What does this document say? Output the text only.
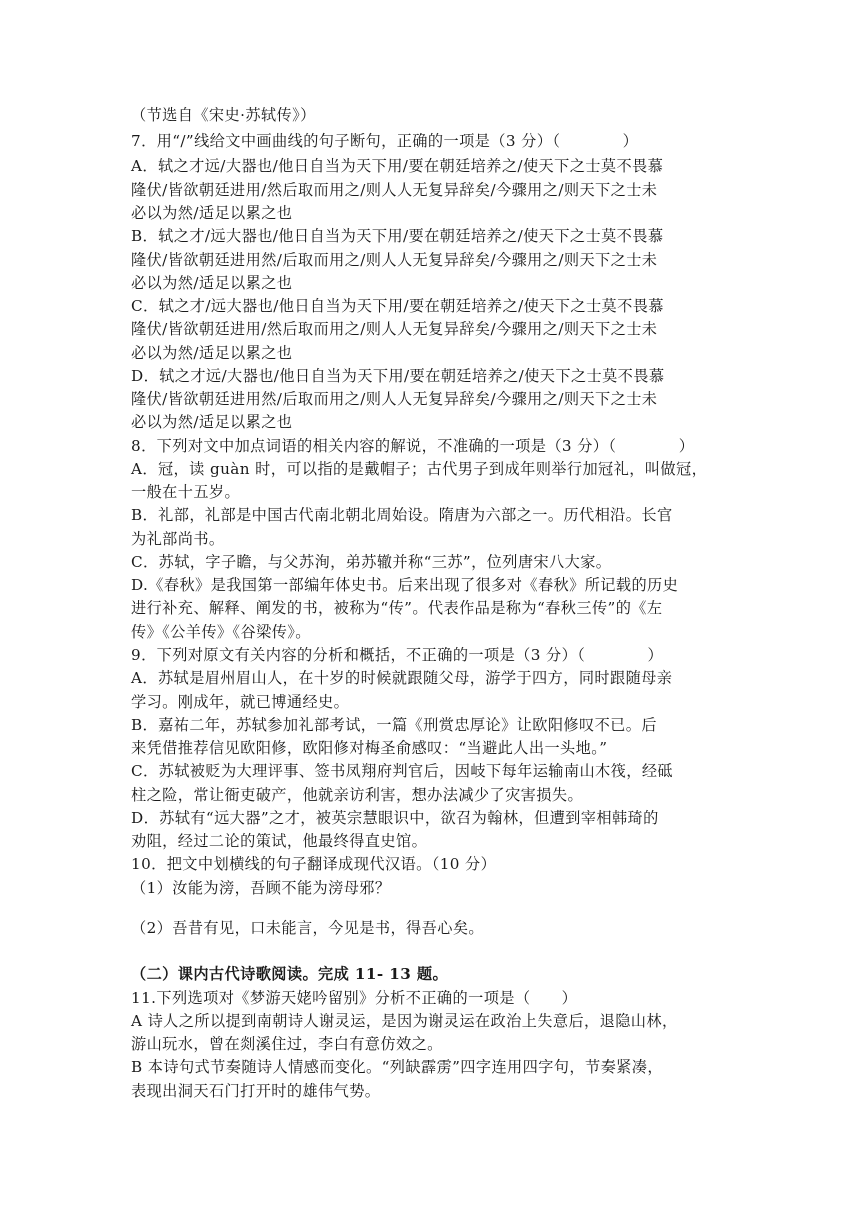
（节选自《宋史·苏轼传》）
7．用“/”线给文中画曲线的句子断句，正确的一项是（3 分）（　　　　）
A．轼之才远/大器也/他日自当为天下用/要在朝廷培养之/使天下之士莫不畏慕
隆伏/皆欲朝廷进用/然后取而用之/则人人无复异辞矣/今骤用之/则天下之士未
必以为然/适足以累之也
B．轼之才/远大器也/他日自当为天下用/要在朝廷培养之/使天下之士莫不畏慕
隆伏/皆欲朝廷进用然/后取而用之/则人人无复异辞矣/今骤用之/则天下之士未
必以为然/适足以累之也
C．轼之才/远大器也/他日自当为天下用/要在朝廷培养之/使天下之士莫不畏慕
隆伏/皆欲朝廷进用/然后取而用之/则人人无复异辞矣/今骤用之/则天下之士未
必以为然/适足以累之也
D．轼之才远/大器也/他日自当为天下用/要在朝廷培养之/使天下之士莫不畏慕
隆伏/皆欲朝廷进用然/后取而用之/则人人无复异辞矣/今骤用之/则天下之士未
必以为然/适足以累之也
8．下列对文中加点词语的相关内容的解说，不准确的一项是（3 分）（　　　　）
A．冠，读 guàn 时，可以指的是戴帽子；古代男子到成年则举行加冠礼，叫做冠，
一般在十五岁。
B．礼部，礼部是中国古代南北朝北周始设。隋唐为六部之一。历代相沿。长官
为礼部尚书。
C．苏轼，字子瞻，与父苏洵，弟苏辙并称“三苏”，位列唐宋八大家。
D.《春秋》是我国第一部编年体史书。后来出现了很多对《春秋》所记载的历史
进行补充、解释、阐发的书，被称为“传”。代表作品是称为“春秋三传”的《左
传》《公羊传》《谷梁传》。
9．下列对原文有关内容的分析和概括，不正确的一项是（3 分）（　　　　）
A．苏轼是眉州眉山人，在十岁的时候就跟随父母，游学于四方，同时跟随母亲
学习。刚成年，就已博通经史。
B．嘉祐二年，苏轼参加礼部考试，一篇《刑赏忠厚论》让欧阳修叹不已。后
来凭借推荐信见欧阳修，欧阳修对梅圣俞感叹：“当避此人出一头地。”
C．苏轼被贬为大理评事、签书凤翔府判官后，因岐下每年运输南山木筏，经砥
柱之险，常让衙吏破产，他就亲访利害，想办法减少了灾害损失。
D．苏轼有“远大器”之才，被英宗慧眼识中，欲召为翰林，但遭到宰相韩琦的
劝阻，经过二论的策试，他最终得直史馆。
10．把文中划横线的句子翻译成现代汉语。（10 分）
（1）汝能为滂，吾顾不能为滂母邪？
（2）吾昔有见，口未能言，今见是书，得吾心矣。
（二）课内古代诗歌阅读。完成 11- 13 题。
11.下列选项对《梦游天姥吟留别》分析不正确的一项是（　　）
A 诗人之所以提到南朝诗人谢灵运，是因为谢灵运在政治上失意后，退隐山林，
游山玩水，曾在剡溪住过，李白有意仿效之。
B 本诗句式节奏随诗人情感而变化。“列缺霹雳”四字连用四字句，节奏紧凑，
表现出洞天石门打开时的雄伟气势。
